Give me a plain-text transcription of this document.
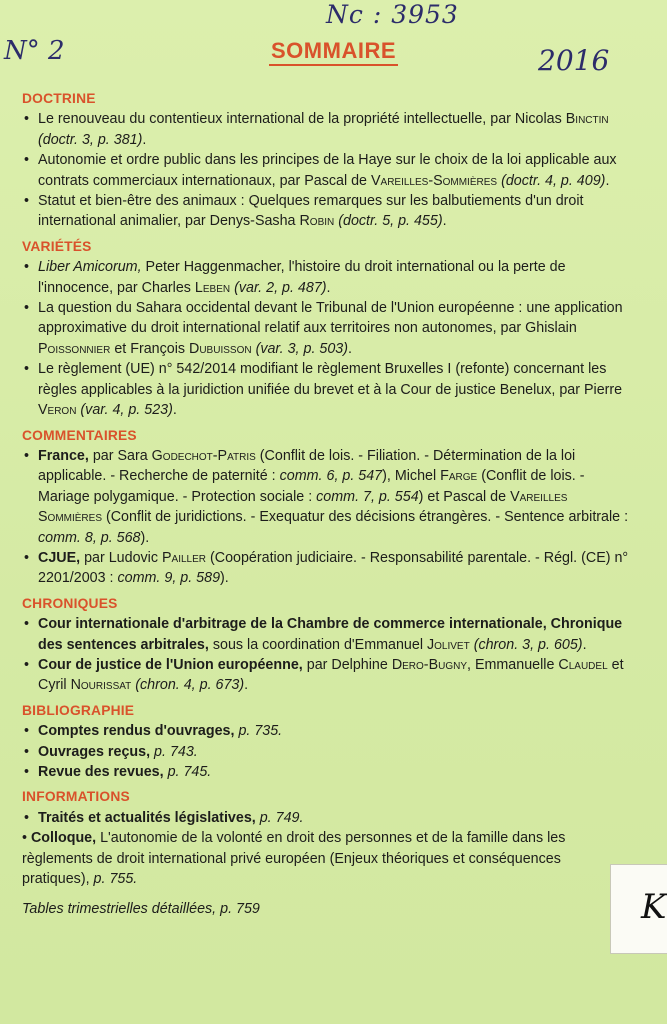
Nc : 3953
N° 2	2016
SOMMAIRE
DOCTRINE
• Le renouveau du contentieux international de la propriété intellectuelle, par Nicolas Binctin (doctr. 3, p. 381).
• Autonomie et ordre public dans les principes de la Haye sur le choix de la loi applicable aux contrats commerciaux internationaux, par Pascal de Vareilles-Sommières (doctr. 4, p. 409).
• Statut et bien-être des animaux : Quelques remarques sur les balbutiements d'un droit international animalier, par Denys-Sasha Robin (doctr. 5, p. 455).
VARIÉTÉS
• Liber Amicorum, Peter Haggenmacher, l'histoire du droit international ou la perte de l'innocence, par Charles Leben (var. 2, p. 487).
• La question du Sahara occidental devant le Tribunal de l'Union européenne : une application approximative du droit international relatif aux territoires non autonomes, par Ghislain Poissonnier et François Dubuisson (var. 3, p. 503).
• Le règlement (UE) n° 542/2014 modifiant le règlement Bruxelles I (refonte) concernant les règles applicables à la juridiction unifiée du brevet et à la Cour de justice Benelux, par Pierre Veron (var. 4, p. 523).
COMMENTAIRES
• France, par Sara Godechot-Patris (Conflit de lois. - Filiation. - Détermination de la loi applicable. - Recherche de paternité : comm. 6, p. 547), Michel Farge (Conflit de lois. - Mariage polygamique. - Protection sociale : comm. 7, p. 554) et Pascal de Vareilles Sommières (Conflit de juridictions. - Exequatur des décisions étrangères. - Sentence arbitrale : comm. 8, p. 568).
• CJUE, par Ludovic Pailler (Coopération judiciaire. - Responsabilité parentale. - Régl. (CE) n° 2201/2003 : comm. 9, p. 589).
CHRONIQUES
• Cour internationale d'arbitrage de la Chambre de commerce internationale, Chronique des sentences arbitrales, sous la coordination d'Emmanuel Jolivet (chron. 3, p. 605).
• Cour de justice de l'Union européenne, par Delphine Dero-Bugny, Emmanuelle Claudel et Cyril Nourissat (chron. 4, p. 673).
BIBLIOGRAPHIE
• Comptes rendus d'ouvrages, p. 735.
• Ouvrages reçus, p. 743.
• Revue des revues, p. 745.
INFORMATIONS
• Traités et actualités législatives, p. 749.
• Colloque, L'autonomie de la volonté en droit des personnes et de la famille dans les règlements de droit international privé européen (Enjeux théoriques et conséquences pratiques), p. 755.
Tables trimestrielles détaillées, p. 759	K
